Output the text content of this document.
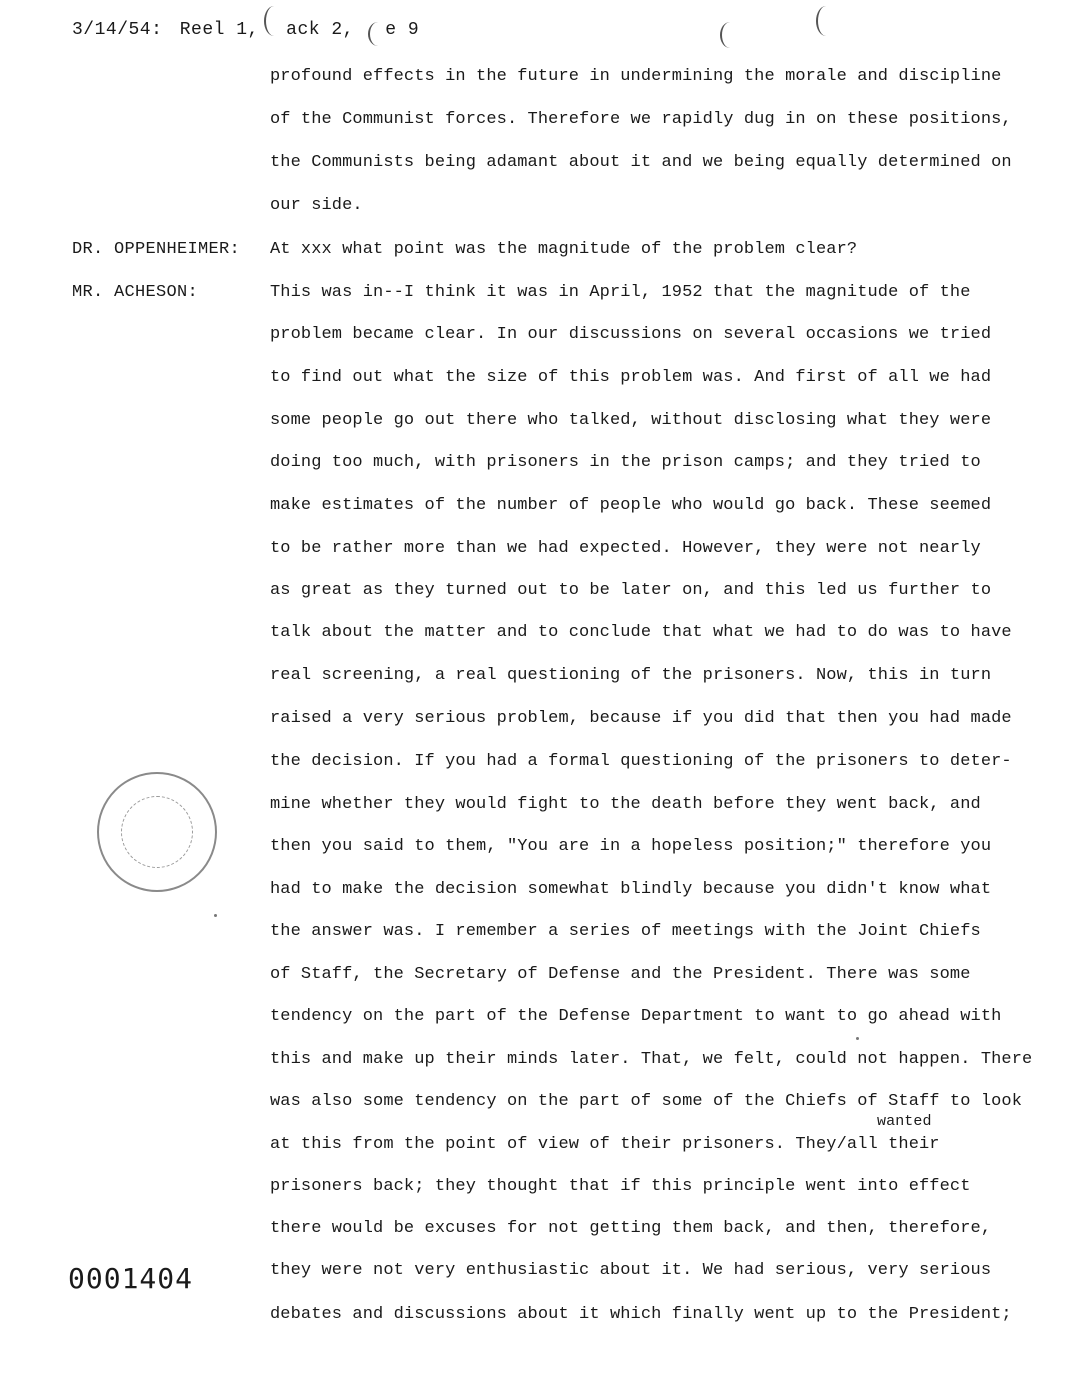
3/14/54: Reel 1, ack 2, e 9
DR. OPPENHEIMER:
MR. ACHESON:
profound effects in the future in undermining the morale and discipline
of the Communist forces. Therefore we rapidly dug in on these positions,
the Communists being adamant about it and we being equally determined on
our side.
At xxx what point was the magnitude of the problem clear?
This was in--I think it was in April, 1952 that the magnitude of the
problem became clear. In our discussions on several occasions we tried
to find out what the size of this problem was. And first of all we had
some people go out there who talked, without disclosing what they were
doing too much, with prisoners in the prison camps; and they tried to
make estimates of the number of people who would go back. These seemed
to be rather more than we had expected. However, they were not nearly
as great as they turned out to be later on, and this led us further to
talk about the matter and to conclude that what we had to do was to have
real screening, a real questioning of the prisoners. Now, this in turn
raised a very serious problem, because if you did that then you had made
the decision. If you had a formal questioning of the prisoners to deter-
mine whether they would fight to the death before they went back, and
then you said to them, "You are in a hopeless position;" therefore you
had to make the decision somewhat blindly because you didn't know what
the answer was. I remember a series of meetings with the Joint Chiefs
of Staff, the Secretary of Defense and the President. There was some
tendency on the part of the Defense Department to want to go ahead with
this and make up their minds later. That, we felt, could not happen. There
was also some tendency on the part of some of the Chiefs of Staff to look
wanted
at this from the point of view of their prisoners. They/all their
prisoners back; they thought that if this principle went into effect
there would be excuses for not getting them back, and then, therefore,
they were not very enthusiastic about it. We had serious, very serious
debates and discussions about it which finally went up to the President;
0001404
